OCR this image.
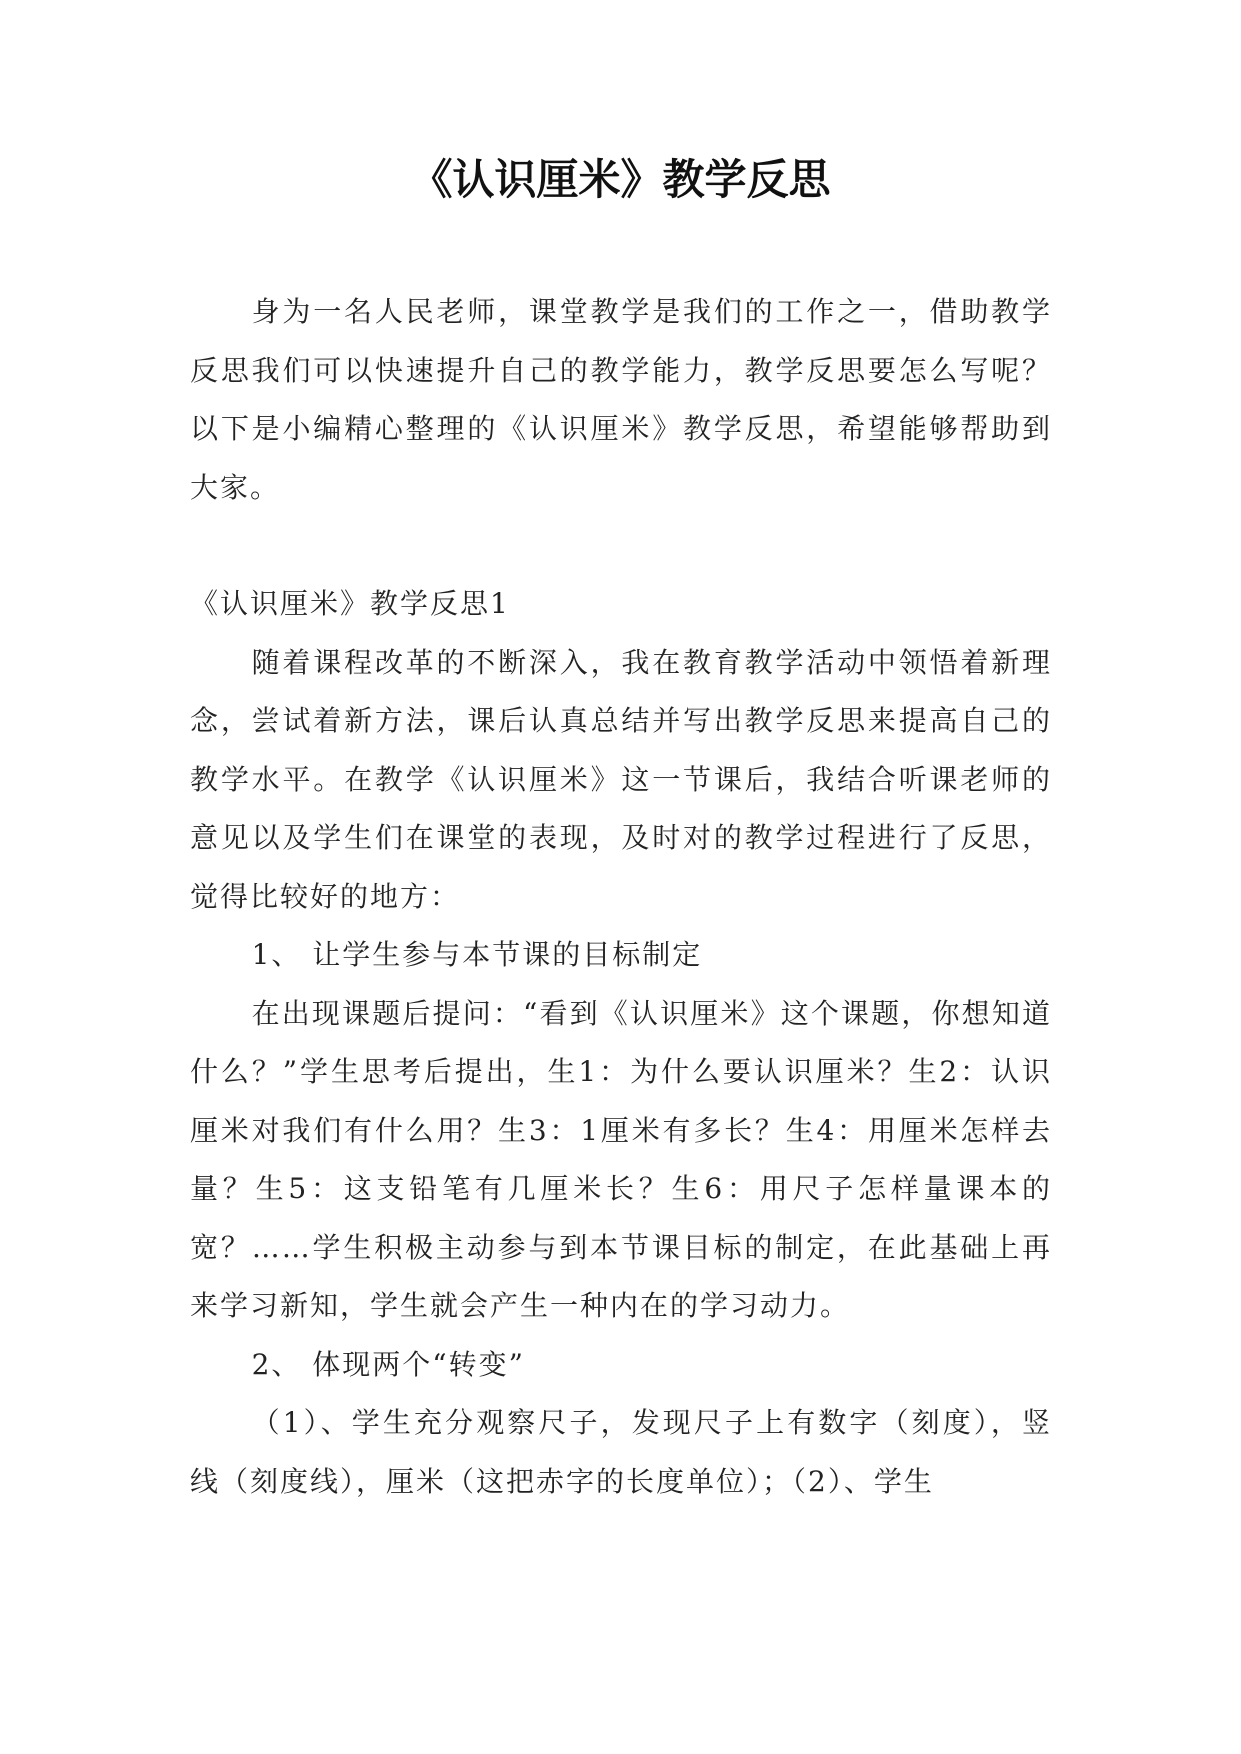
《认识厘米》教学反思

身为一名人民老师，课堂教学是我们的工作之一，借助教学反思我们可以快速提升自己的教学能力，教学反思要怎么写呢？以下是小编精心整理的《认识厘米》教学反思，希望能够帮助到大家。

《认识厘米》教学反思1

随着课程改革的不断深入，我在教育教学活动中领悟着新理念，尝试着新方法，课后认真总结并写出教学反思来提高自己的教学水平。在教学《认识厘米》这一节课后，我结合听课老师的意见以及学生们在课堂的表现，及时对的教学过程进行了反思，觉得比较好的地方：

1、 让学生参与本节课的目标制定

在出现课题后提问：“看到《认识厘米》这个课题，你想知道什么？”学生思考后提出，生1：为什么要认识厘米？生2：认识厘米对我们有什么用？生3：1厘米有多长？生4：用厘米怎样去量？生5：这支铅笔有几厘米长？生6：用尺子怎样量课本的宽？……学生积极主动参与到本节课目标的制定，在此基础上再来学习新知，学生就会产生一种内在的学习动力。

2、 体现两个“转变”

（1）、学生充分观察尺子，发现尺子上有数字（刻度），竖线（刻度线），厘米（这把赤字的长度单位）；（2）、学生
